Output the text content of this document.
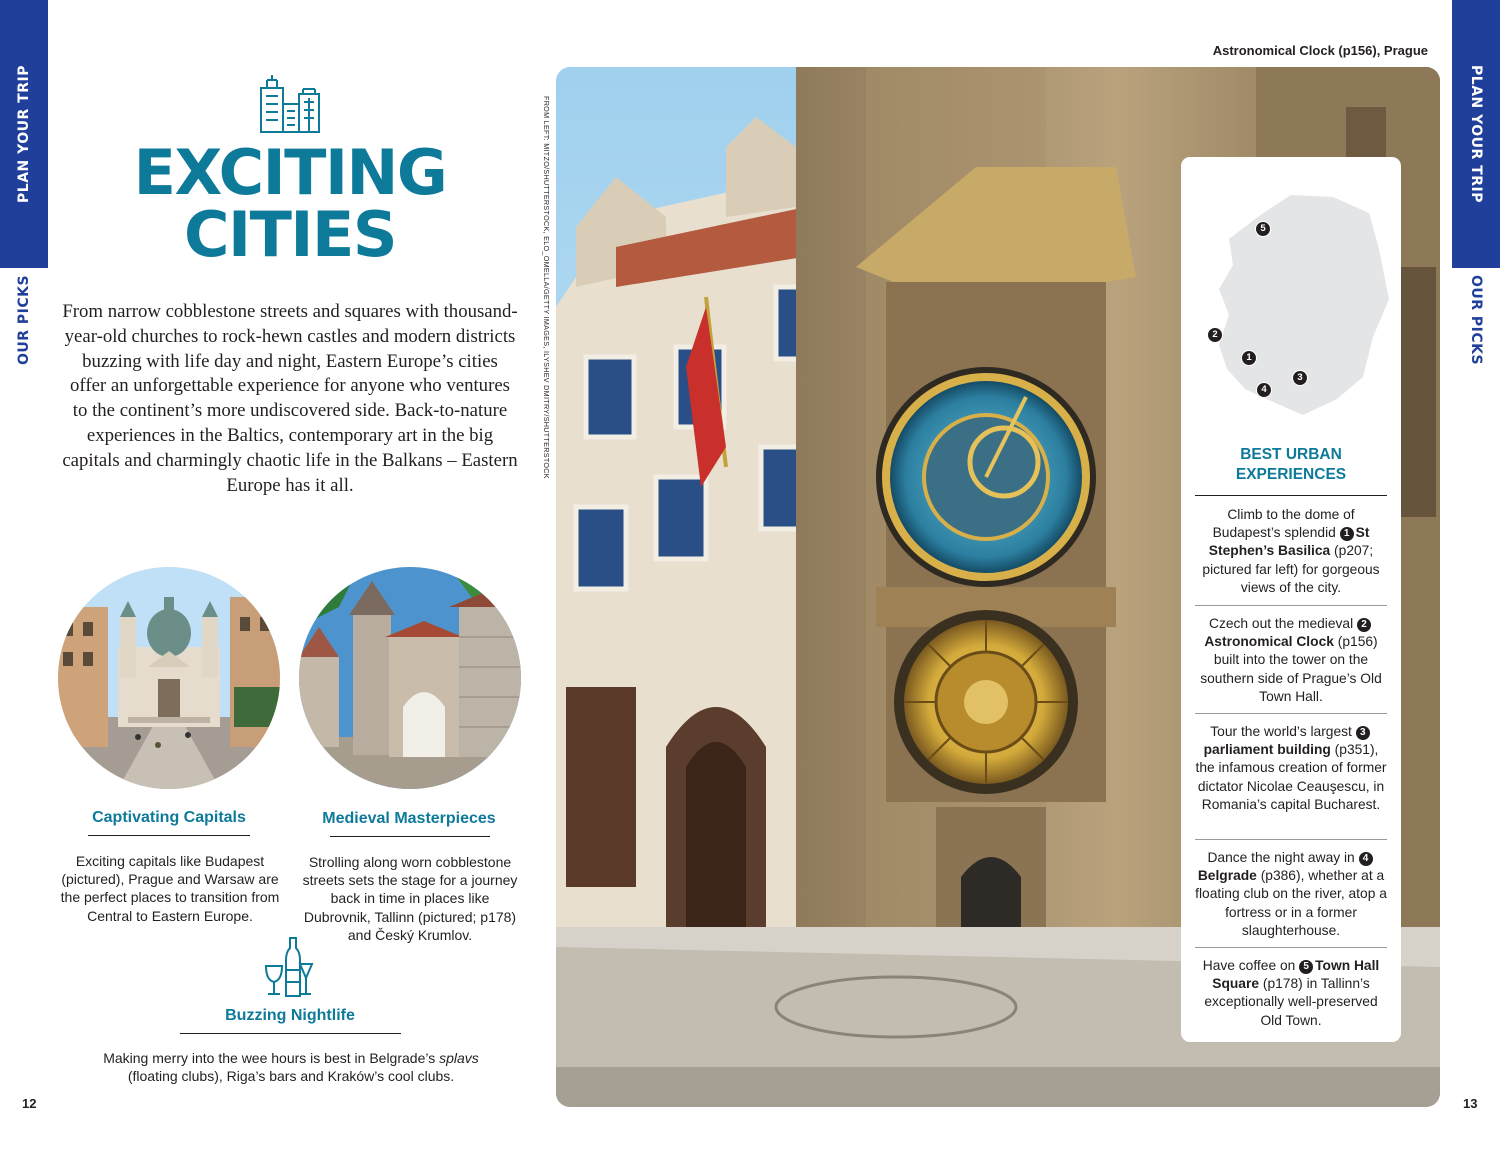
PLAN YOUR TRIP
OUR PICKS
PLAN YOUR TRIP
OUR PICKS
12	13
EXCITING
CITIES

From narrow cobblestone streets and squares with thousand-year-old churches to rock-hewn castles and modern districts buzzing with life day and night, Eastern Europe’s cities offer an unforgettable experience for anyone who ventures to the continent’s more undiscovered side. Back-to-nature experiences in the Baltics, contemporary art in the big capitals and charmingly chaotic life in the Balkans – Eastern Europe has it all.

Captivating Capitals

Exciting capitals like Budapest (pictured), Prague and Warsaw are the perfect places to transition from Central to Eastern Europe.

Medieval Masterpieces

Strolling along worn cobblestone streets sets the stage for a journey back in time in places like Dubrovnik, Tallinn (pictured; p178) and Český Krumlov.

Buzzing Nightlife

Making merry into the wee hours is best in Belgrade’s splavs (floating clubs), Riga’s bars and Kraków’s cool clubs.

Astronomical Clock (p156), Prague
FROM LEFT: MITZO/SHUTTERSTOCK, ELO_OMELLA/GETTY IMAGES, ILYSHEV DMITRY/SHUTTERSTOCK	5
2
1
3
4
BEST URBAN
EXPERIENCES

Climb to the dome of Budapest’s splendid 1 St Stephen’s Basilica (p207; pictured far left) for gorgeous views of the city.

Czech out the medieval 2Astronomical Clock (p156) built into the tower on the southern side of Prague’s Old Town Hall.

Tour the world’s largest 3parliament building (p351), the infamous creation of former dictator Nicolae Ceauşescu, in Romania’s capital Bucharest.

Dance the night away in 4Belgrade (p386), whether at a floating club on the river, atop a fortress or in a former slaughterhouse.

Have coffee on 5 Town Hall Square (p178) in Tallinn’s exceptionally well-preserved Old Town.
